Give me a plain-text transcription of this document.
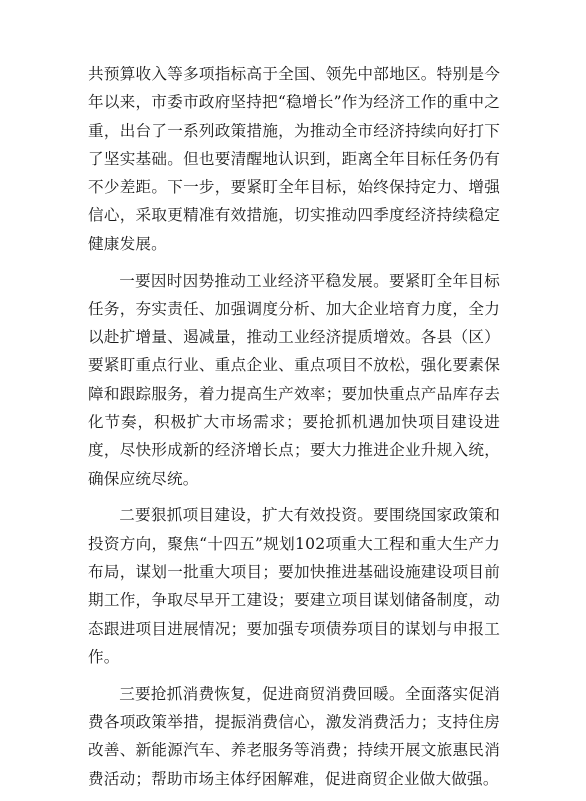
共预算收入等多项指标高于全国、领先中部地区。特别是今年以来，市委市政府坚持把“稳增长”作为经济工作的重中之重，出台了一系列政策措施，为推动全市经济持续向好打下了坚实基础。但也要清醒地认识到，距离全年目标任务仍有不少差距。下一步，要紧盯全年目标，始终保持定力、增强信心，采取更精准有效措施，切实推动四季度经济持续稳定健康发展。

一要因时因势推动工业经济平稳发展。要紧盯全年目标任务，夯实责任、加强调度分析、加大企业培育力度，全力以赴扩增量、遏减量，推动工业经济提质增效。各县（区）要紧盯重点行业、重点企业、重点项目不放松，强化要素保障和跟踪服务，着力提高生产效率；要加快重点产品库存去化节奏，积极扩大市场需求；要抢抓机遇加快项目建设进度，尽快形成新的经济增长点；要大力推进企业升规入统，确保应统尽统。

二要狠抓项目建设，扩大有效投资。要围绕国家政策和投资方向，聚焦“十四五”规划102项重大工程和重大生产力布局，谋划一批重大项目；要加快推进基础设施建设项目前期工作，争取尽早开工建设；要建立项目谋划储备制度，动态跟进项目进展情况；要加强专项债券项目的谋划与申报工作。

三要抢抓消费恢复，促进商贸消费回暖。全面落实促消费各项政策举措，提振消费信心，激发消费活力；支持住房改善、新能源汽车、养老服务等消费；持续开展文旅惠民消费活动；帮助市场主体纾困解难，促进商贸企业做大做强。
